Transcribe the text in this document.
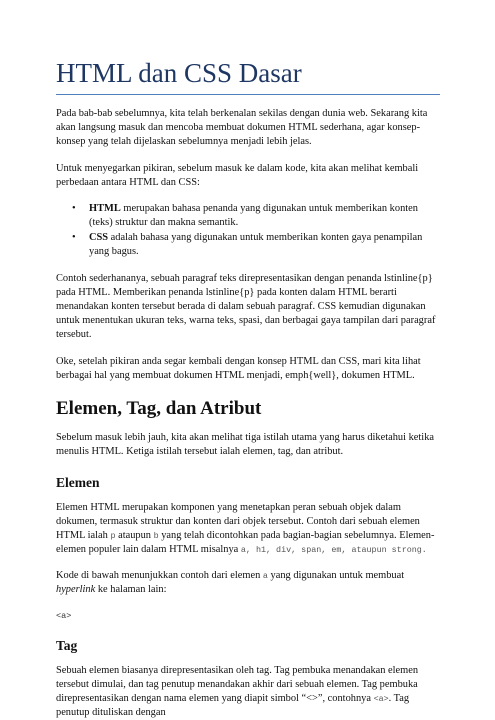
HTML dan CSS Dasar

Pada bab-bab sebelumnya, kita telah berkenalan sekilas dengan dunia web. Sekarang kita akan langsung masuk dan mencoba membuat dokumen HTML sederhana, agar konsep-konsep yang telah dijelaskan sebelumnya menjadi lebih jelas.

Untuk menyegarkan pikiran, sebelum masuk ke dalam kode, kita akan melihat kembali perbedaan antara HTML dan CSS:

• HTML merupakan bahasa penanda yang digunakan untuk memberikan konten (teks) struktur dan makna semantik.
• CSS adalah bahasa yang digunakan untuk memberikan konten gaya penampilan yang bagus.

Contoh sederhananya, sebuah paragraf teks direpresentasikan dengan penanda lstinline{p} pada HTML. Memberikan penanda lstinline{p} pada konten dalam HTML berarti menandakan konten tersebut berada di dalam sebuah paragraf. CSS kemudian digunakan untuk menentukan ukuran teks, warna teks, spasi, dan berbagai gaya tampilan dari paragraf tersebut.

Oke, setelah pikiran anda segar kembali dengan konsep HTML dan CSS, mari kita lihat berbagai hal yang membuat dokumen HTML menjadi, emph{well}, dokumen HTML.

Elemen, Tag, dan Atribut

Sebelum masuk lebih jauh, kita akan melihat tiga istilah utama yang harus diketahui ketika menulis HTML. Ketiga istilah tersebut ialah elemen, tag, dan atribut.

Elemen

Elemen HTML merupakan komponen yang menetapkan peran sebuah objek dalam dokumen, termasuk struktur dan konten dari objek tersebut. Contoh dari sebuah elemen HTML ialah p ataupun b yang telah dicontohkan pada bagian-bagian sebelumnya. Elemen-elemen populer lain dalam HTML misalnya a, h1, div, span, em, ataupun strong.

Kode di bawah menunjukkan contoh dari elemen a yang digunakan untuk membuat hyperlink ke halaman lain:

<a>
Tag

Sebuah elemen biasanya direpresentasikan oleh tag. Tag pembuka menandakan elemen tersebut dimulai, dan tag penutup menandakan akhir dari sebuah elemen. Tag pembuka direpresentasikan dengan nama elemen yang diapit simbol “<>”, contohnya <a>. Tag penutup dituliskan dengan
